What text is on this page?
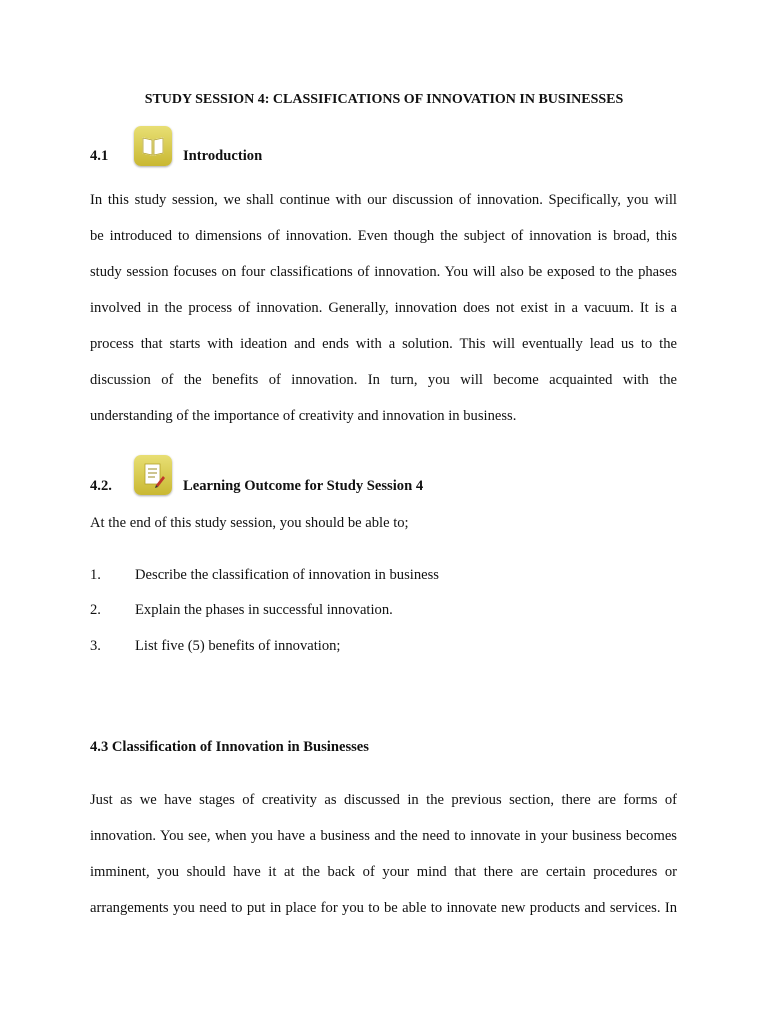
STUDY SESSION 4: CLASSIFICATIONS OF INNOVATION IN BUSINESSES
4.1	Introduction
In this study session, we shall continue with our discussion of innovation. Specifically, you will
be introduced to dimensions of innovation. Even though the subject of innovation is broad, this
study session focuses on four classifications of innovation. You will also be exposed to the phases
involved in the process of innovation. Generally, innovation does not exist in a vacuum. It is a
process that starts with ideation and ends with a solution. This will eventually lead us to the
discussion of the benefits of innovation. In turn, you will become acquainted with the
understanding of the importance of creativity and innovation in business.
4.2.	Learning Outcome for Study Session 4
At the end of this study session, you should be able to;
1. Describe the classification of innovation in business
2. Explain the phases in successful innovation.
3. List five (5) benefits of innovation;
4.3 Classification of Innovation in Businesses
Just as we have stages of creativity as discussed in the previous section, there are forms of
innovation. You see, when you have a business and the need to innovate in your business becomes
imminent, you should have it at the back of your mind that there are certain procedures or
arrangements you need to put in place for you to be able to innovate new products and services. In
